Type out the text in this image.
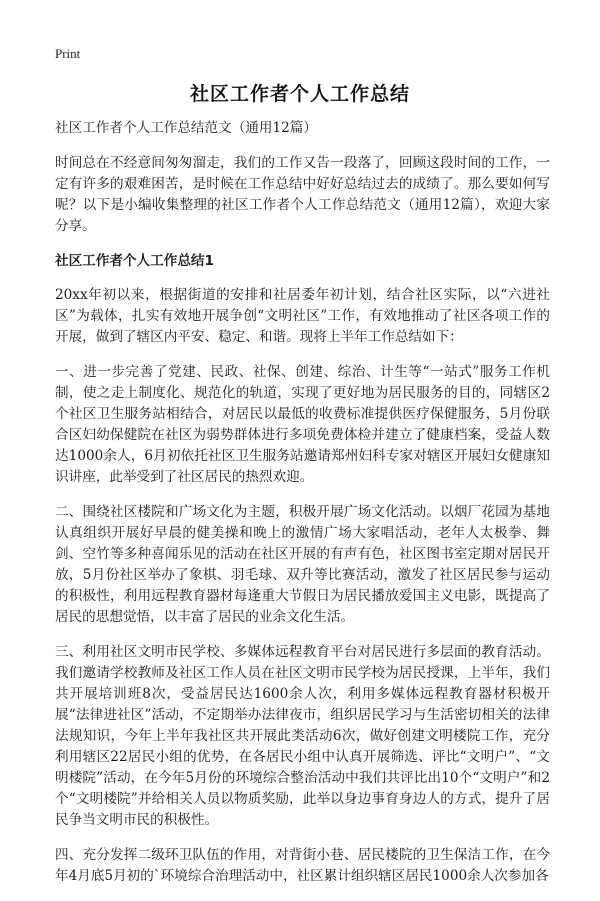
Print
社区工作者个人工作总结

社区工作者个人工作总结范文（通用12篇）

时间总在不经意间匆匆溜走，我们的工作又告一段落了，回顾这段时间的工作，一定有许多的艰难困苦，是时候在工作总结中好好总结过去的成绩了。那么要如何写呢？以下是小编收集整理的社区工作者个人工作总结范文（通用12篇），欢迎大家分享。

社区工作者个人工作总结1

20xx年初以来，根据街道的安排和社居委年初计划，结合社区实际，以“六进社区”为载体，扎实有效地开展争创“文明社区”工作，有效地推动了社区各项工作的开展，做到了辖区内平安、稳定、和谐。现将上半年工作总结如下：

一、进一步完善了党建、民政、社保、创建、综治、计生等“一站式”服务工作机制，使之走上制度化、规范化的轨道，实现了更好地为居民服务的目的，同辖区2个社区卫生服务站相结合，对居民以最低的收费标准提供医疗保健服务，5月份联合区妇幼保健院在社区为弱势群体进行多项免费体检并建立了健康档案，受益人数达1000余人，6月初依托社区卫生服务站邀请郑州妇科专家对辖区开展妇女健康知识讲座，此举受到了社区居民的热烈欢迎。

二、围绕社区楼院和广场文化为主题，积极开展广场文化活动。以烟厂花园为基地认真组织开展好早晨的健美操和晚上的激情广场大家唱活动，老年人太极拳、舞剑、空竹等多种喜闻乐见的活动在社区开展的有声有色，社区图书室定期对居民开放，5月份社区举办了象棋、羽毛球、双升等比赛活动，激发了社区居民参与运动的积极性，利用远程教育器材每逢重大节假日为居民播放爱国主义电影，既提高了居民的思想觉悟，以丰富了居民的业余文化生活。

三、利用社区文明市民学校、多媒体远程教育平台对居民进行多层面的教育活动。我们邀请学校教师及社区工作人员在社区文明市民学校为居民授课，上半年，我们共开展培训班8次，受益居民达1600余人次，利用多媒体远程教育器材积极开展“法律进社区”活动，不定期举办法律夜市，组织居民学习与生活密切相关的法律法规知识，今年上半年我社区共开展此类活动6次，做好创建文明楼院工作，充分利用辖区22居民小组的优势，在各居民小组中认真开展筛选、评比“文明户”、“文明楼院”活动，在今年5月份的环境综合整治活动中我们共评比出10个“文明户”和2个“文明楼院”并给相关人员以物质奖励，此举以身边事育身边人的方式，提升了居民争当文明市民的积极性。

四、充分发挥二级环卫队伍的作用，对背街小巷、居民楼院的卫生保洁工作，在今年4月底5月初的`环境综合治理活动中，社区累计组织辖区居民1000余人次参加各
